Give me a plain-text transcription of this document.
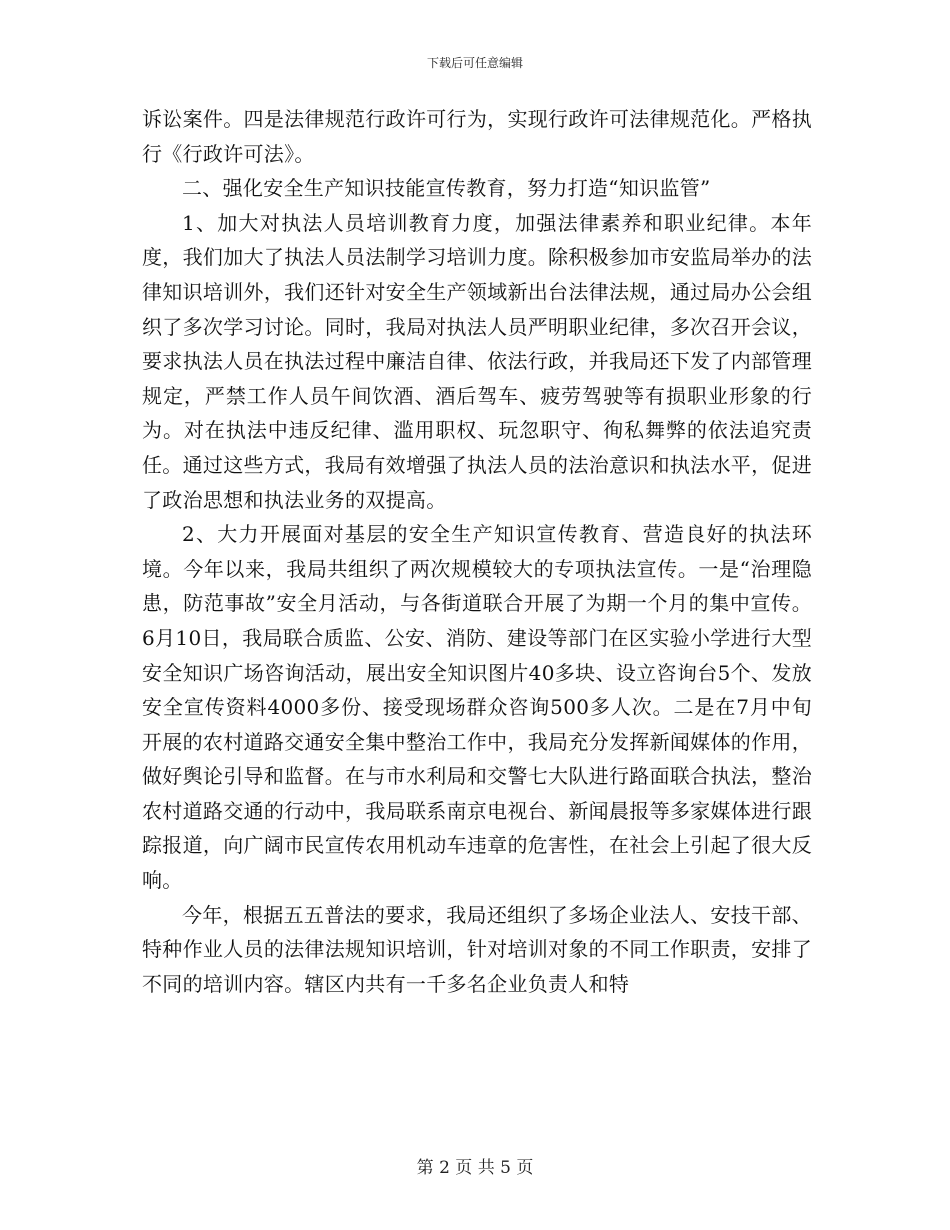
下载后可任意编辑

诉讼案件。四是法律规范行政许可行为，实现行政许可法律规范化。严格执行《行政许可法》。

二、强化安全生产知识技能宣传教育，努力打造“知识监管”

1、加大对执法人员培训教育力度，加强法律素养和职业纪律。本年度，我们加大了执法人员法制学习培训力度。除积极参加市安监局举办的法律知识培训外，我们还针对安全生产领域新出台法律法规，通过局办公会组织了多次学习讨论。同时，我局对执法人员严明职业纪律，多次召开会议，要求执法人员在执法过程中廉洁自律、依法行政，并我局还下发了内部管理规定，严禁工作人员午间饮酒、酒后驾车、疲劳驾驶等有损职业形象的行为。对在执法中违反纪律、滥用职权、玩忽职守、徇私舞弊的依法追究责任。通过这些方式，我局有效增强了执法人员的法治意识和执法水平，促进了政治思想和执法业务的双提高。

2、大力开展面对基层的安全生产知识宣传教育、营造良好的执法环境。今年以来，我局共组织了两次规模较大的专项执法宣传。一是“治理隐患，防范事故”安全月活动，与各街道联合开展了为期一个月的集中宣传。6月10日，我局联合质监、公安、消防、建设等部门在区实验小学进行大型安全知识广场咨询活动，展出安全知识图片40多块、设立咨询台5个、发放安全宣传资料4000多份、接受现场群众咨询500多人次。二是在7月中旬开展的农村道路交通安全集中整治工作中，我局充分发挥新闻媒体的作用，做好舆论引导和监督。在与市水利局和交警七大队进行路面联合执法，整治农村道路交通的行动中，我局联系南京电视台、新闻晨报等多家媒体进行跟踪报道，向广阔市民宣传农用机动车违章的危害性，在社会上引起了很大反响。

今年，根据五五普法的要求，我局还组织了多场企业法人、安技干部、特种作业人员的法律法规知识培训，针对培训对象的不同工作职责，安排了不同的培训内容。辖区内共有一千多名企业负责人和特

第 2 页 共 5 页
